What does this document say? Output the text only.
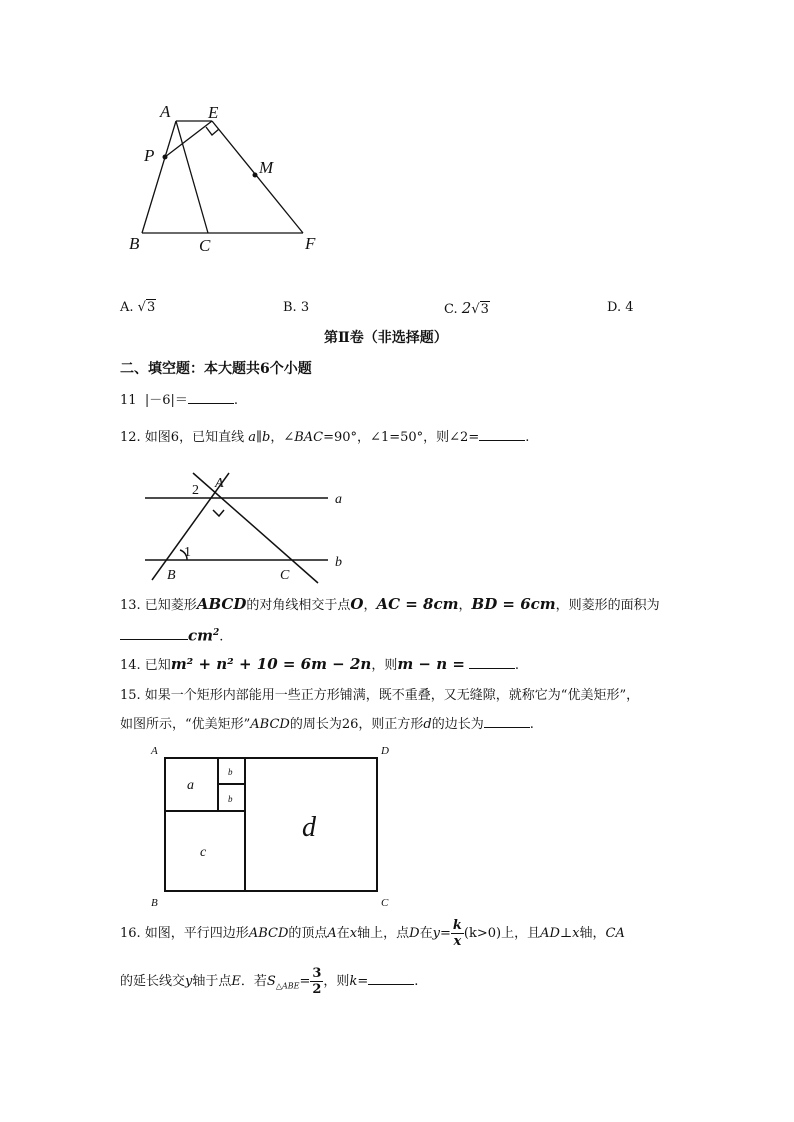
A E
P
M
B	C	F
A. √3	B. 3	C. 2√3	D. 4
第Ⅱ卷（非选择题）
二、填空题：本大题共6个小题
11 |－6|＝	.
12. 如图6，已知直线 a∥b，∠BAC=90°，∠1=50°，则∠2=	.
2 A
a
1
B	C
b
13. 已知菱形ABCD的对角线相交于点O，AC = 8cm，BD = 6cm，则菱形的面积为
$cm^2$.
14. 已知m² + n² + 10 = 6m − 2n，则m − n =	.
15. 如果一个矩形内部能用一些正方形铺满，既不重叠，又无缝隙，就称它为“优美矩形”，
如图所示，“优美矩形”ABCD的周长为26，则正方形d的边长为	.
A	D
B	C
a
b
b
c
d
16. 如图，平行四边形ABCD的顶点A在x轴上，点D在$y= \frac{k}{x} (k>0)$上，且AD⊥x轴，CA
的延长线交y轴于点E．若$S_{\triangle ABE}= \frac{3}{2}$ ，则k=	.
